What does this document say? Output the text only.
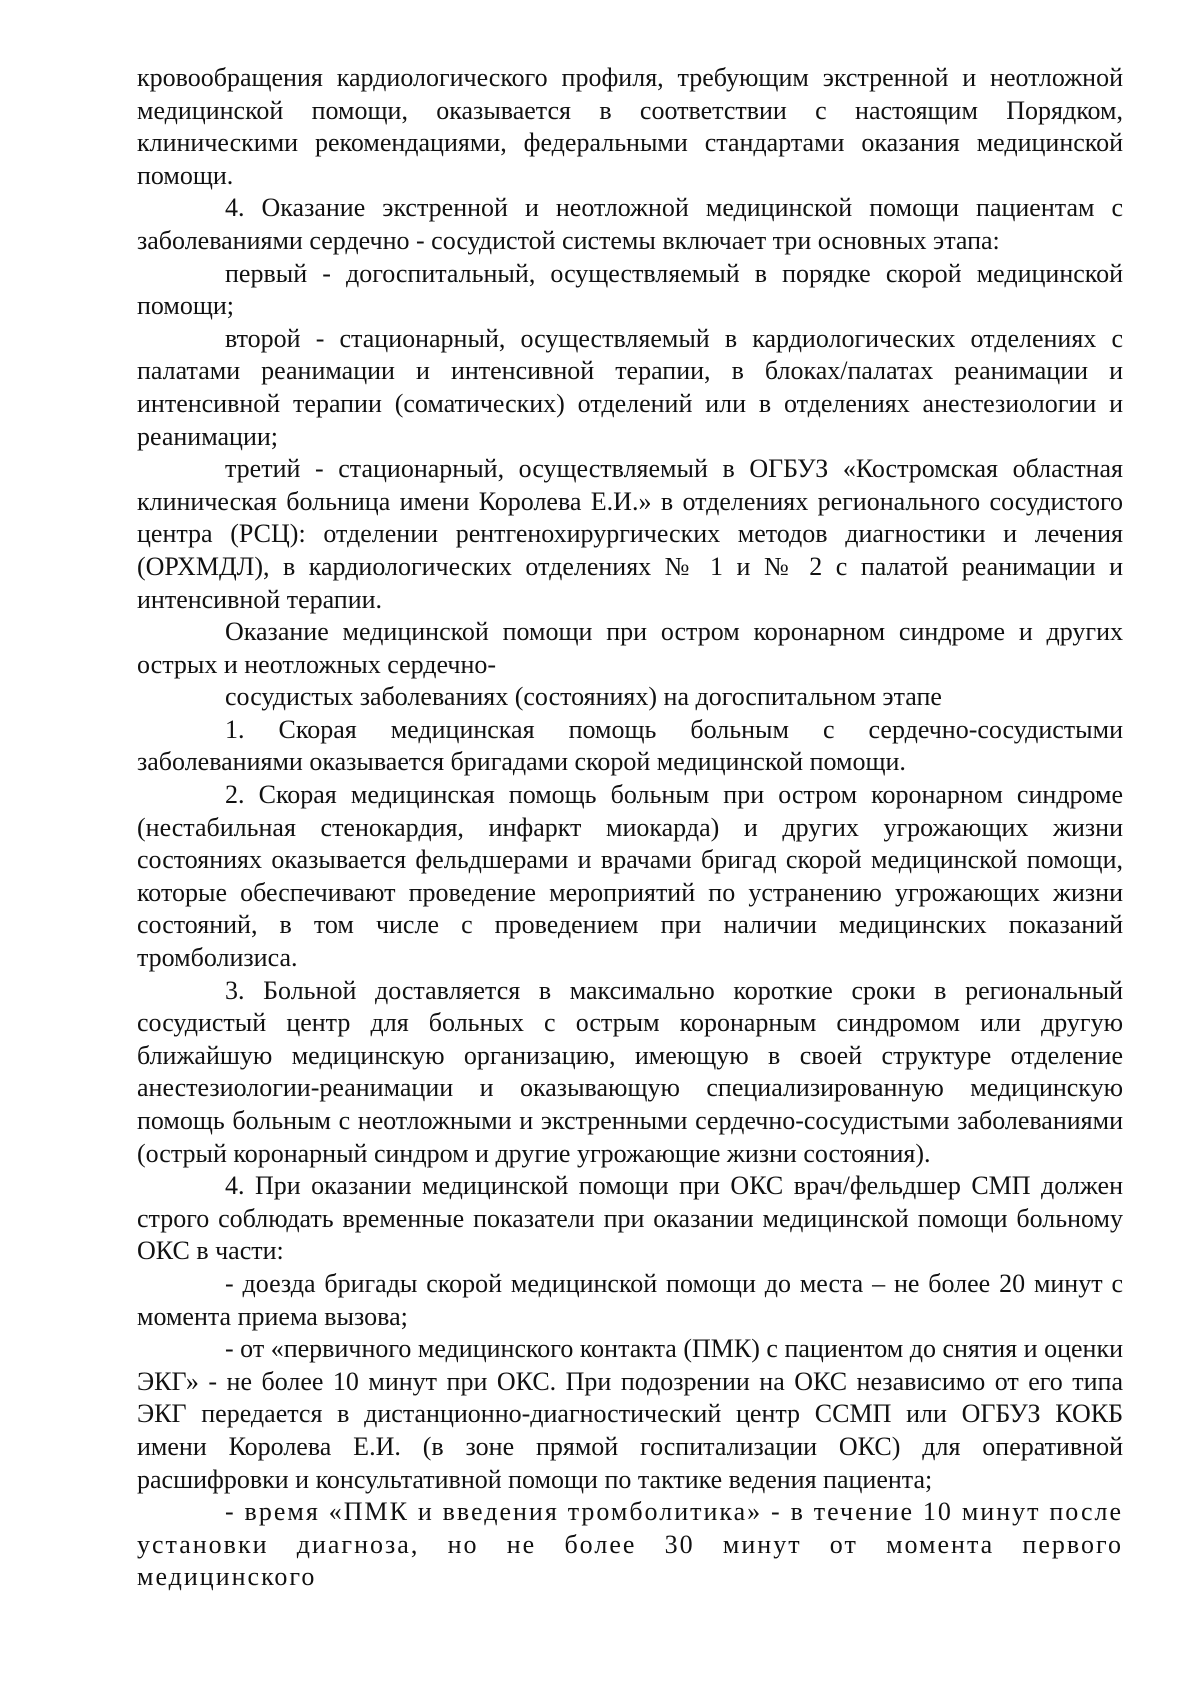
кровообращения кардиологического профиля, требующим экстренной и неотложной медицинской помощи, оказывается в соответствии с настоящим Порядком, клиническими рекомендациями, федеральными стандартами оказания медицинской помощи.

4. Оказание экстренной и неотложной медицинской помощи пациентам с заболеваниями сердечно - сосудистой системы включает три основных этапа:

первый - догоспитальный, осуществляемый в порядке скорой медицинской помощи;

второй - стационарный, осуществляемый в кардиологических отделениях с палатами реанимации и интенсивной терапии, в блоках/палатах реанимации и интенсивной терапии (соматических) отделений или в отделениях анестезиологии и реанимации;

третий - стационарный, осуществляемый в ОГБУЗ «Костромская областная клиническая больница имени Королева Е.И.» в отделениях регионального сосудистого центра (РСЦ): отделении рентгенохирургических методов диагностики и лечения (ОРХМДЛ), в кардиологических отделениях № 1 и № 2 с палатой реанимации и интенсивной терапии.

Оказание медицинской помощи при остром коронарном синдроме и других острых и неотложных сердечно-

сосудистых заболеваниях (состояниях) на догоспитальном этапе

1. Скорая медицинская помощь больным с сердечно-сосудистыми заболеваниями оказывается бригадами скорой медицинской помощи.

2. Скорая медицинская помощь больным при остром коронарном синдроме (нестабильная стенокардия, инфаркт миокарда) и других угрожающих жизни состояниях оказывается фельдшерами и врачами бригад скорой медицинской помощи, которые обеспечивают проведение мероприятий по устранению угрожающих жизни состояний, в том числе с проведением при наличии медицинских показаний тромболизиса.

3. Больной доставляется в максимально короткие сроки в региональный сосудистый центр для больных с острым коронарным синдромом или другую ближайшую медицинскую организацию, имеющую в своей структуре отделение анестезиологии-реанимации и оказывающую специализированную медицинскую помощь больным с неотложными и экстренными сердечно-сосудистыми заболеваниями (острый коронарный синдром и другие угрожающие жизни состояния).

4. При оказании медицинской помощи при ОКС врач/фельдшер СМП должен строго соблюдать временные показатели при оказании медицинской помощи больному ОКС в части:

- доезда бригады скорой медицинской помощи до места – не более 20 минут с момента приема вызова;

- от «первичного медицинского контакта (ПМК) с пациентом до снятия и оценки ЭКГ» - не более 10 минут при ОКС. При подозрении на ОКС независимо от его типа ЭКГ передается в дистанционно-диагностический центр ССМП или ОГБУЗ КОКБ имени Королева Е.И. (в зоне прямой госпитализации ОКС) для оперативной расшифровки и консультативной помощи по тактике ведения пациента;

- время «ПМК и введения тромболитика» - в течение 10 минут после установки диагноза, но не более 30 минут от момента первого медицинского
